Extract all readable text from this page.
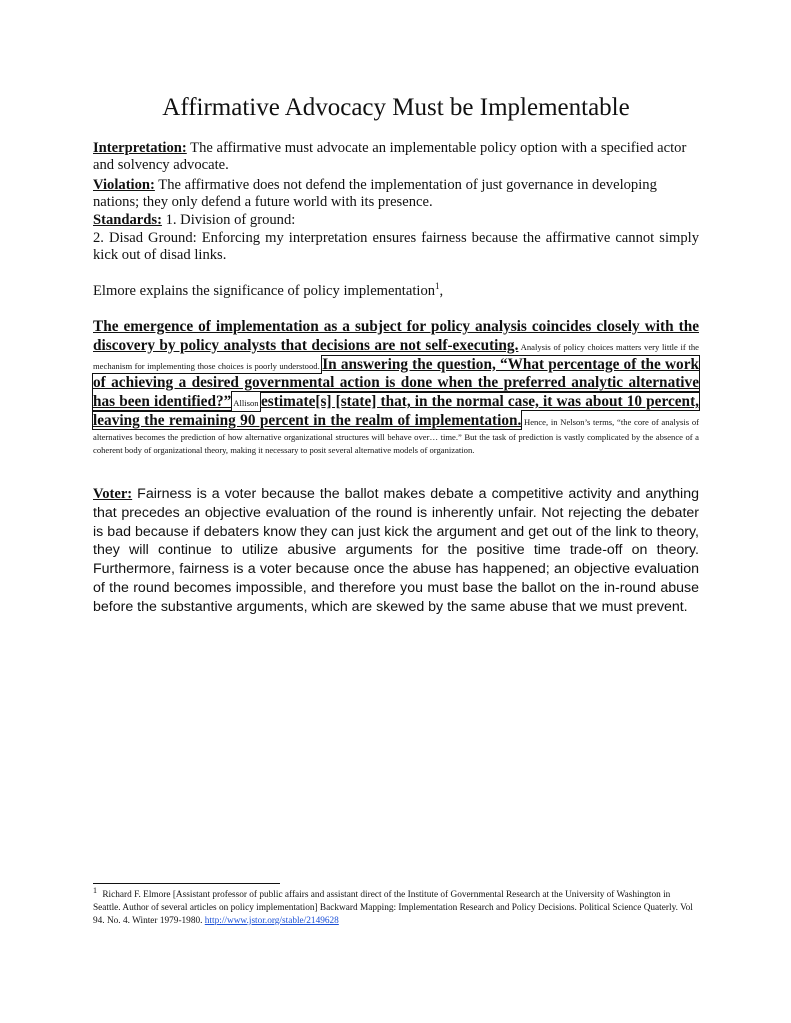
Affirmative Advocacy Must be Implementable
Interpretation: The affirmative must advocate an implementable policy option with a specified actor and solvency advocate.
Violation: The affirmative does not defend the implementation of just governance in developing nations; they only defend a future world with its presence.
Standards: 1. Division of ground:
2. Disad Ground: Enforcing my interpretation ensures fairness because the affirmative cannot simply kick out of disad links.
Elmore explains the significance of policy implementation$^1$,
The emergence of implementation as a subject for policy analysis coincides closely with the discovery by policy analysts that decisions are not self-executing. Analysis of policy choices matters very little if the mechanism for implementing those choices is poorly understood. In answering the question, “What percentage of the work of achieving a desired governmental action is done when the preferred analytic alternative has been identified?” Allison estimate[s] [state] that, in the normal case, it was about 10 percent, leaving the remaining 90 percent in the realm of implementation. Hence, in Nelson’s terms, “the core of analysis of alternatives becomes the prediction of how alternative organizational structures will behave over… time.” But the task of prediction is vastly complicated by the absence of a coherent body of organizational theory, making it necessary to posit several alternative models of organization.
Voter: Fairness is a voter because the ballot makes debate a competitive activity and anything that precedes an objective evaluation of the round is inherently unfair. Not rejecting the debater is bad because if debaters know they can just kick the argument and get out of the link to theory, they will continue to utilize abusive arguments for the positive time trade-off on theory. Furthermore, fairness is a voter because once the abuse has happened; an objective evaluation of the round becomes impossible, and therefore you must base the ballot on the in-round abuse before the substantive arguments, which are skewed by the same abuse that we must prevent.
1 Richard F. Elmore [Assistant professor of public affairs and assistant direct of the Institute of Governmental Research at the University of Washington in Seattle. Author of several articles on policy implementation] Backward Mapping: Implementation Research and Policy Decisions. Political Science Quaterly. Vol 94. No. 4. Winter 1979-1980. http://www.jstor.org/stable/2149628
